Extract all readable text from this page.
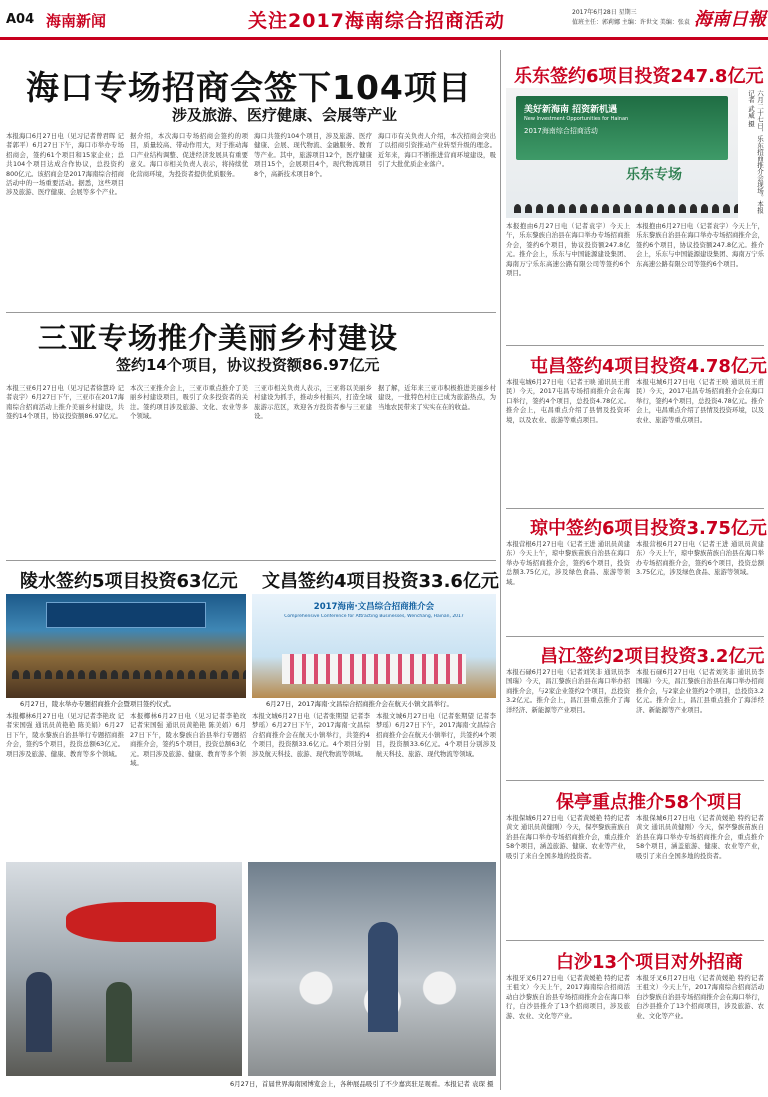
A04 海南新闻	关注2017海南综合招商活动	2017年6月28日 星期三
值班主任：郭莉娜 主编：许世文 美编：张袁 海南日報
海口专场招商会签下104项目
涉及旅游、医疗健康、会展等产业
本报海口6月27日电（见习记者曾君晖 记者郭平）6月27日下午，海口市举办专场招商会，签约61个项目和15家企业；总共104个项目达成合作协议，总投资约800亿元。该招商会是2017海南综合招商活动中的一场重要活动。据悉，这些项目涉及旅游、医疗健康、会展等多个产业。
据介绍，本次海口专场招商会签约的项目，质量较高、带动作用大，对于推动海口产业结构调整、促进经济发展具有重要意义。海口市相关负责人表示，将持续优化营商环境，为投资者提供优质服务。
海口共签约104个项目，涉及旅游、医疗健康、会展、现代物流、金融服务、教育等产业。其中，旅游项目12个，医疗健康项目15个，会展项目4个，现代物流项目8个，高新技术项目8个。
海口市有关负责人介绍，本次招商会突出了以招商引资推动产业转型升级的理念。近年来，海口不断推进营商环境建设，吸引了大批优质企业落户。
三亚专场推介美丽乡村建设
签约14个项目，协议投资额86.97亿元
本报三亚6月27日电（见习记者徐慧玲 记者袁宇）6月27日下午，三亚市在2017海南综合招商活动上推介美丽乡村建设，共签约14个项目，协议投资额86.97亿元。
本次三亚推介会上，三亚市重点推介了美丽乡村建设项目，吸引了众多投资者的关注。签约项目涉及旅游、文化、农业等多个领域。
三亚市相关负责人表示，三亚将以美丽乡村建设为抓手，推动乡村振兴，打造全域旅游示范区，欢迎各方投资者参与三亚建设。
据了解，近年来三亚市积极推进美丽乡村建设，一批特色村庄已成为旅游热点，为当地农民带来了实实在在的收益。
陵水签约5项目投资63亿元
6月27日，陵水举办专题招商推介会暨项目签约仪式。
本报椰林6月27日电（见习记者李艳玫 记者宋国强 通讯员黄艳艳 陈美娟）6月27日下午，陵水黎族自治县举行专题招商推介会，签约5个项目，投资总额63亿元。项目涉及旅游、健康、教育等多个领域。
本报椰林6月27日电（见习记者李艳玫 记者宋国强 通讯员黄艳艳 陈美娟）6月27日下午，陵水黎族自治县举行专题招商推介会，签约5个项目，投资总额63亿元。项目涉及旅游、健康、教育等多个领域。
文昌签约4项目投资33.6亿元
2017海南·文昌综合招商推介会
Comprehensive Conference for Attracting Businesses, Wenchang, Hainan, 2017
6月27日，2017海南·文昌综合招商推介会在航天小镇文昌举行。
本报文城6月27日电（记者张期望 记者李梦瑶）6月27日下午，2017海南·文昌综合招商推介会在航天小镇举行，共签约4个项目，投资额33.6亿元。4个项目分别涉及航天科技、旅游、现代物流等领域。
本报文城6月27日电（记者张期望 记者李梦瑶）6月27日下午，2017海南·文昌综合招商推介会在航天小镇举行，共签约4个项目，投资额33.6亿元。4个项目分别涉及航天科技、旅游、现代物流等领域。
6月27日，首届世界海南园博览会上，各种展品吸引了不少嘉宾驻足观看。本报记者 袁琛 摄
乐东签约6项目投资247.8亿元
美好新海南 招资新机遇
New Investment Opportunities for Hainan
2017海南综合招商活动
乐东专场	六月二十七日，乐东招商推介会现场。本报记者 武威 摄
本报抱由6月27日电（记者袁宇）今天上午，乐东黎族自治县在海口举办专场招商推介会，签约6个项目，协议投资额247.8亿元。推介会上，乐东与中国能源建设集团、海南万宁乐东高速公路有限公司等签约6个项目。
本报抱由6月27日电（记者袁宇）今天上午，乐东黎族自治县在海口举办专场招商推介会，签约6个项目，协议投资额247.8亿元。推介会上，乐东与中国能源建设集团、海南万宁乐东高速公路有限公司等签约6个项目。
屯昌签约4项目投资4.78亿元
本报屯城6月27日电（记者王映 通讯员王甫民）今天，2017屯昌专场招商推介会在海口举行，签约4个项目，总投资4.78亿元。推介会上，屯昌重点介绍了县情及投资环境，以及农业、旅游等重点项目。
本报屯城6月27日电（记者王映 通讯员王甫民）今天，2017屯昌专场招商推介会在海口举行，签约4个项目，总投资4.78亿元。推介会上，屯昌重点介绍了县情及投资环境，以及农业、旅游等重点项目。
琼中签约6项目投资3.75亿元
本报营根6月27日电（记者王进 通讯员黄建东）今天上午，琼中黎族苗族自治县在海口举办专场招商推介会，签约6个项目，投资总额3.75亿元，涉及绿色食品、旅游等领域。
本报营根6月27日电（记者王进 通讯员黄建东）今天上午，琼中黎族苗族自治县在海口举办专场招商推介会，签约6个项目，投资总额3.75亿元，涉及绿色食品、旅游等领域。
昌江签约2项目投资3.2亿元
本报石碌6月27日电（记者刘笑非 通讯员李国瑞）今天，昌江黎族自治县在海口举办招商推介会，与2家企业签约2个项目，总投资3.2亿元。推介会上，昌江县重点推介了海洋经济、新能源等产业项目。
本报石碌6月27日电（记者刘笑非 通讯员李国瑞）今天，昌江黎族自治县在海口举办招商推介会，与2家企业签约2个项目，总投资3.2亿元。推介会上，昌江县重点推介了海洋经济、新能源等产业项目。
保亭重点推介58个项目
本报保城6月27日电（记者黄媛艳 特约记者黄文 通讯员黄健刚）今天，保亭黎族苗族自治县在海口举办专场招商推介会，重点推介58个项目，涵盖旅游、健康、农业等产业，吸引了来自全国多地的投资者。
本报保城6月27日电（记者黄媛艳 特约记者黄文 通讯员黄健刚）今天，保亭黎族苗族自治县在海口举办专场招商推介会，重点推介58个项目，涵盖旅游、健康、农业等产业，吸引了来自全国多地的投资者。
白沙13个项目对外招商
本报牙叉6月27日电（记者黄媛艳 特约记者王祖文）今天上午，2017海南综合招商活动白沙黎族自治县专场招商推介会在海口举行，白沙县推介了13个招商项目，涉及旅游、农业、文化等产业。
本报牙叉6月27日电（记者黄媛艳 特约记者王祖文）今天上午，2017海南综合招商活动白沙黎族自治县专场招商推介会在海口举行，白沙县推介了13个招商项目，涉及旅游、农业、文化等产业。
